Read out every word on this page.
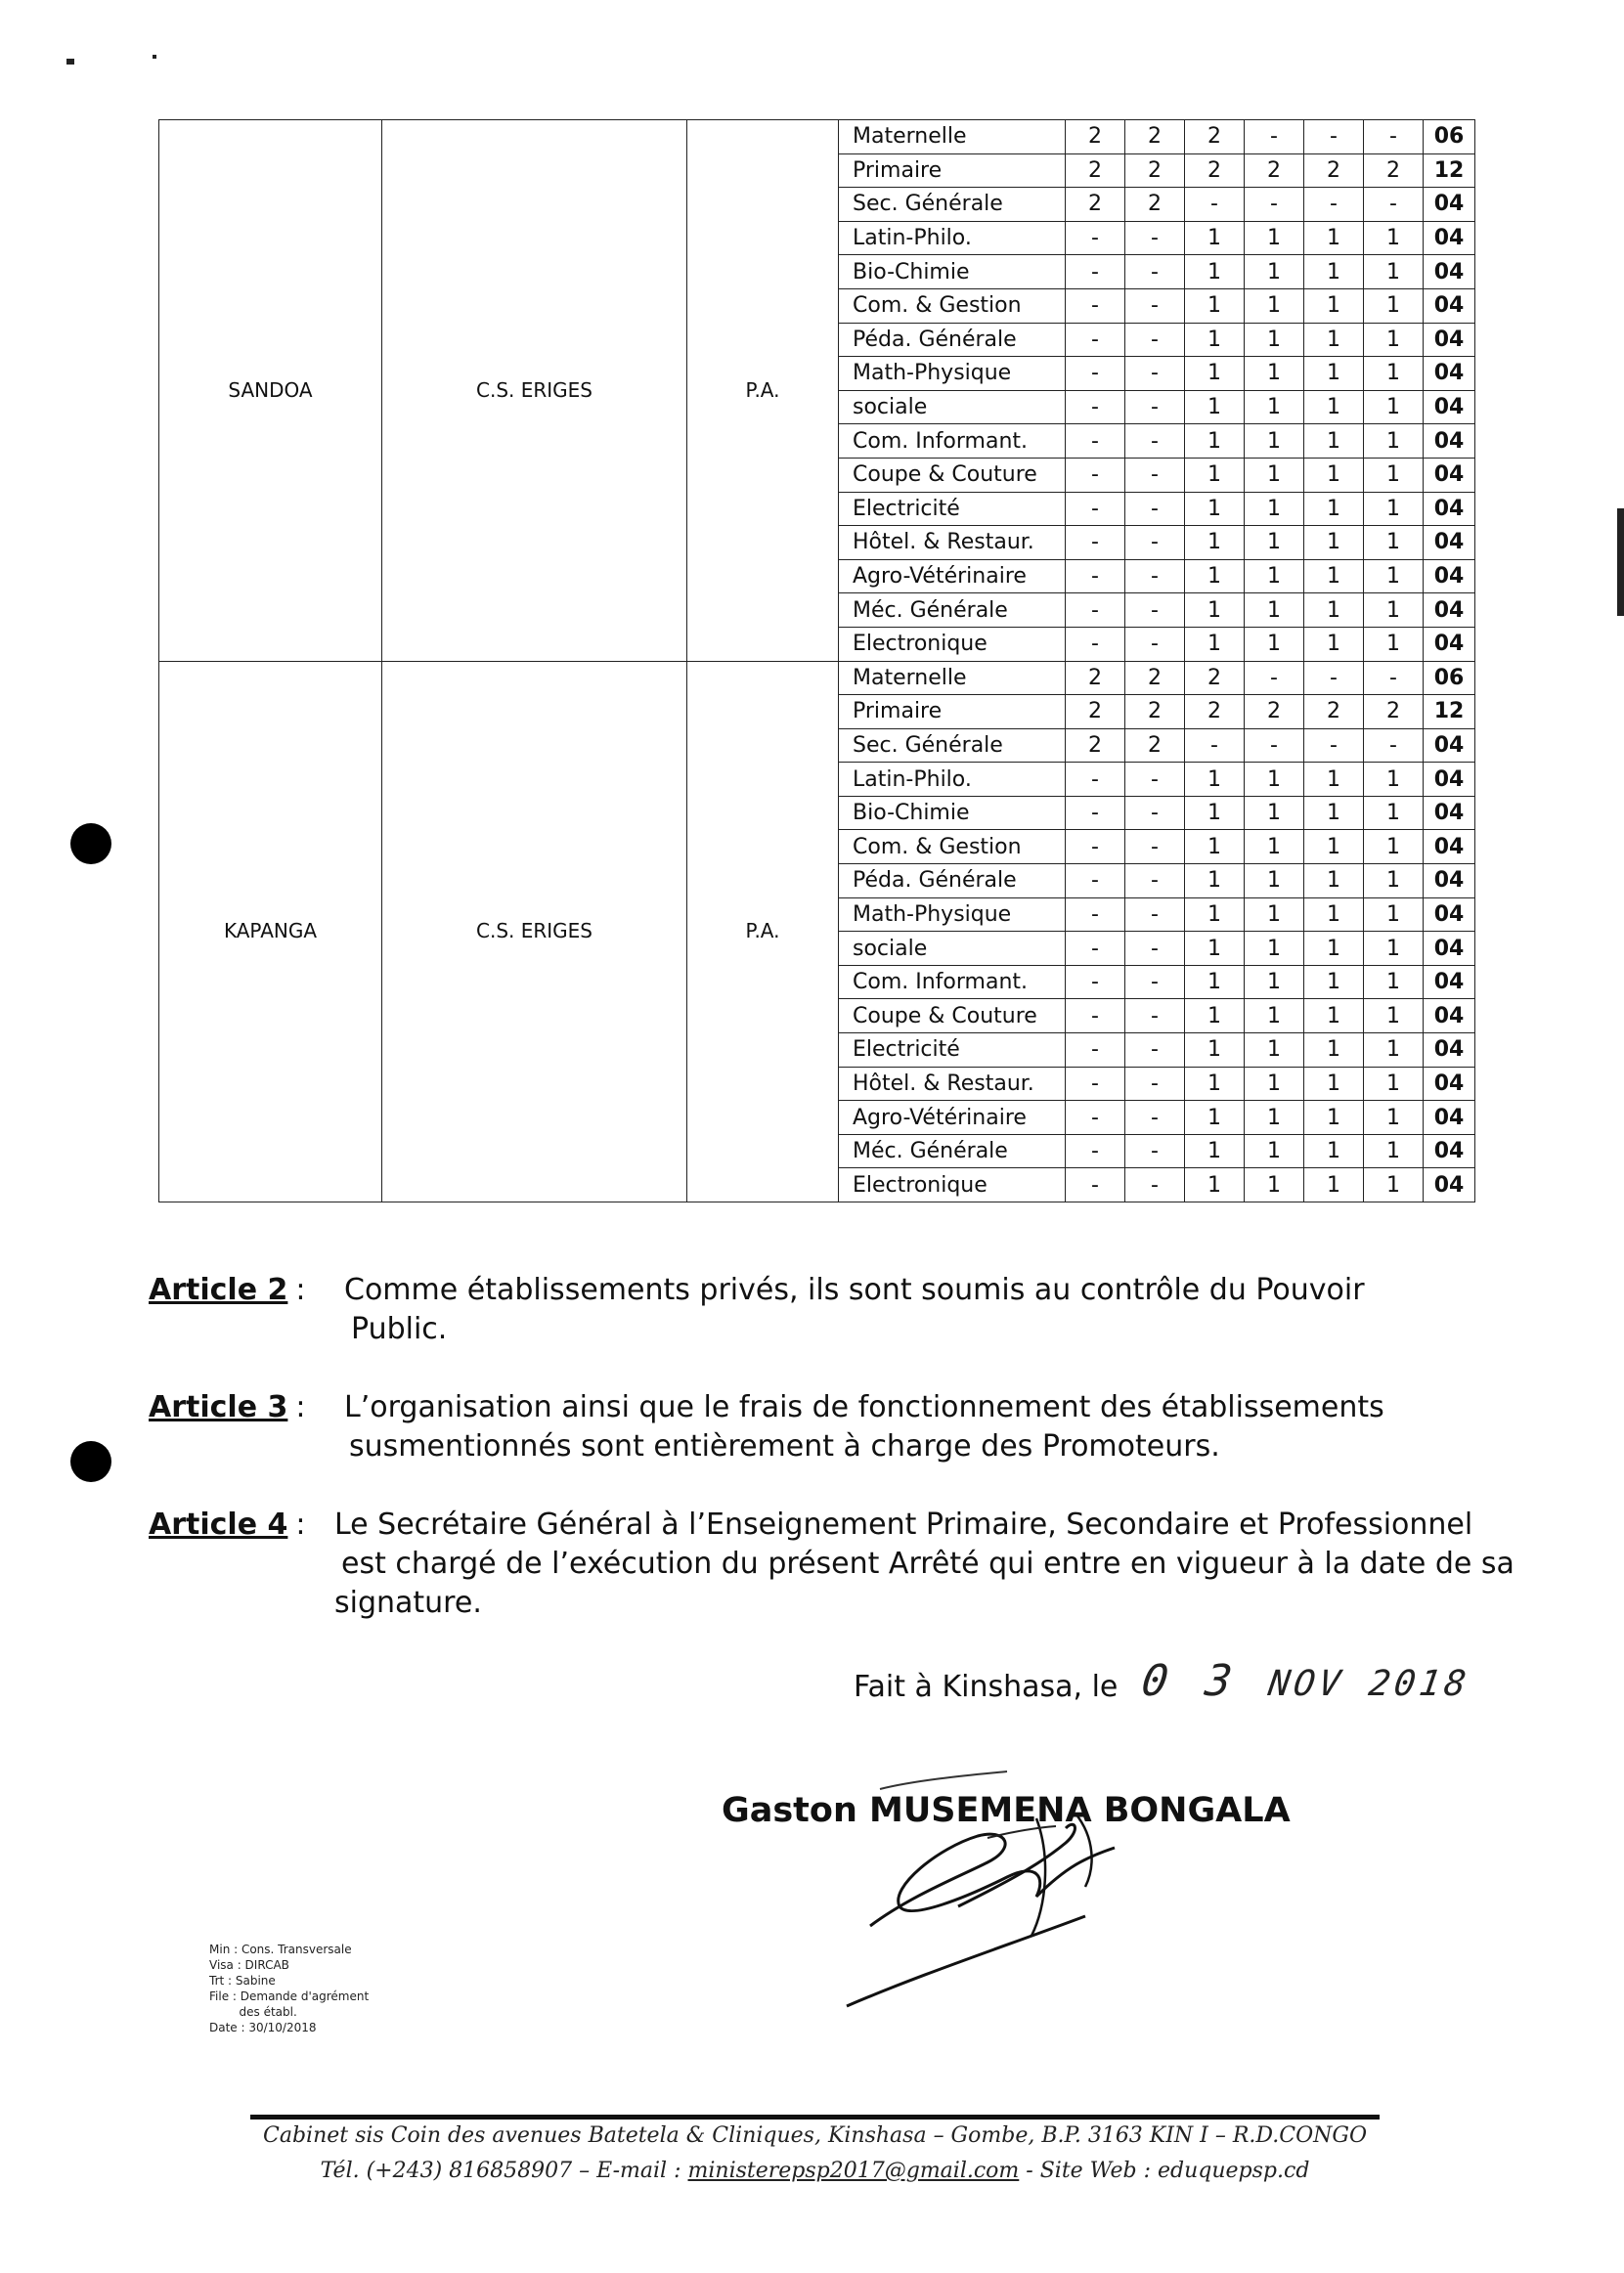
SANDOA	C.S. ERIGES	P.A.	Maternelle	2	2	2	-	-	-	06
			Primaire	2	2	2	2	2	2	12
			Sec. Générale	2	2	-	-	-	-	04
			Latin-Philo.	-	-	1	1	1	1	04
			Bio-Chimie	-	-	1	1	1	1	04
			Com. & Gestion	-	-	1	1	1	1	04
			Péda. Générale	-	-	1	1	1	1	04
			Math-Physique	-	-	1	1	1	1	04
			sociale	-	-	1	1	1	1	04
			Com. Informant.	-	-	1	1	1	1	04
			Coupe & Couture	-	-	1	1	1	1	04
			Electricité	-	-	1	1	1	1	04
			Hôtel. & Restaur.	-	-	1	1	1	1	04
			Agro-Vétérinaire	-	-	1	1	1	1	04
			Méc. Générale	-	-	1	1	1	1	04
			Electronique	-	-	1	1	1	1	04
KAPANGA	C.S. ERIGES	P.A.	Maternelle	2	2	2	-	-	-	06
			Primaire	2	2	2	2	2	2	12
			Sec. Générale	2	2	-	-	-	-	04
			Latin-Philo.	-	-	1	1	1	1	04
			Bio-Chimie	-	-	1	1	1	1	04
			Com. & Gestion	-	-	1	1	1	1	04
			Péda. Générale	-	-	1	1	1	1	04
			Math-Physique	-	-	1	1	1	1	04
			sociale	-	-	1	1	1	1	04
			Com. Informant.	-	-	1	1	1	1	04
			Coupe & Couture	-	-	1	1	1	1	04
			Electricité	-	-	1	1	1	1	04
			Hôtel. & Restaur.	-	-	1	1	1	1	04
			Agro-Vétérinaire	-	-	1	1	1	1	04
			Méc. Générale	-	-	1	1	1	1	04
			Electronique	-	-	1	1	1	1	04
Article 2 : Comme établissements privés, ils sont soumis au contrôle du Pouvoir
Public.
Article 3 : L’organisation ainsi que le frais de fonctionnement des établissements
susmentionnés sont entièrement à charge des Promoteurs.
Article 4 : Le Secrétaire Général à l’Enseignement Primaire, Secondaire et Professionnel
est chargé de l’exécution du présent Arrêté qui entre en vigueur à la date de sa
signature.
Fait à Kinshasa, le 0 3 NOV 2018
Gaston MUSEMENA BONGALA
Min : Cons. Transversale
Visa : DIRCAB
Trt : Sabine
File : Demande d'agrément
des établ.
Date : 30/10/2018
Cabinet sis Coin des avenues Batetela & Cliniques, Kinshasa – Gombe, B.P. 3163 KIN I – R.D.CONGO
Tél. (+243) 816858907 – E-mail : ministerepsp2017@gmail.com - Site Web : eduquepsp.cd
